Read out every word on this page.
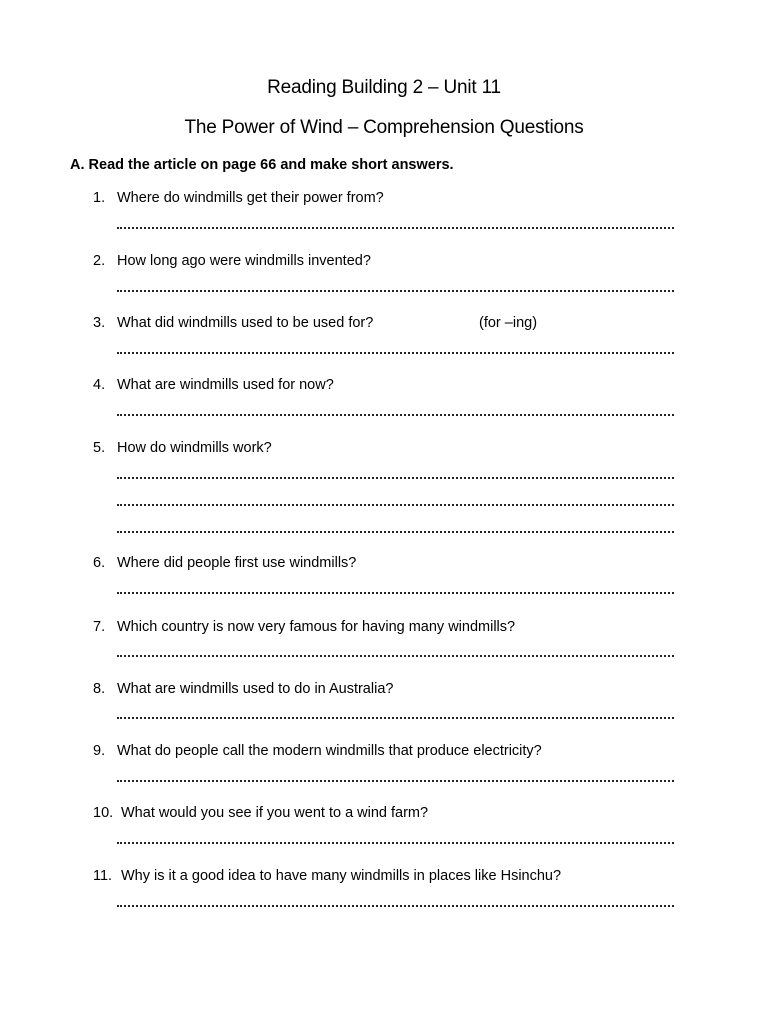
Reading Building 2 – Unit 11
The Power of Wind – Comprehension Questions
A. Read the article on page 66 and make short answers.
1. Where do windmills get their power from?
2. How long ago were windmills invented?
3. What did windmills used to be used for?	(for –ing)
4. What are windmills used for now?
5. How do windmills work?
6. Where did people first use windmills?
7. Which country is now very famous for having many windmills?
8. What are windmills used to do in Australia?
9. What do people call the modern windmills that produce electricity?
10. What would you see if you went to a wind farm?
11. Why is it a good idea to have many windmills in places like Hsinchu?
